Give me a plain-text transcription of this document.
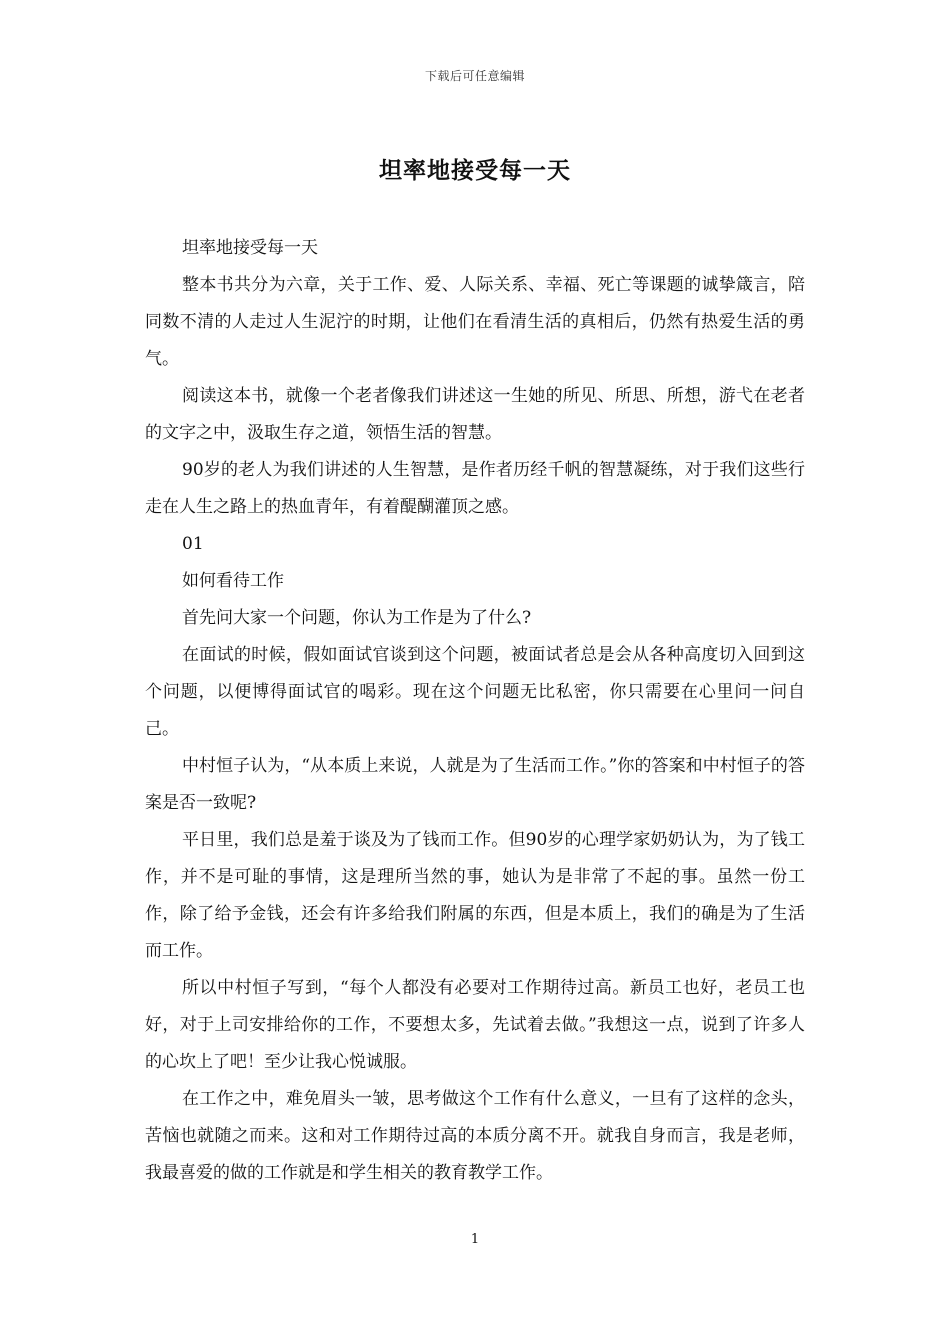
下载后可任意编辑
坦率地接受每一天

坦率地接受每一天

整本书共分为六章，关于工作、爱、人际关系、幸福、死亡等课题的诚挚箴言，陪同数不清的人走过人生泥泞的时期，让他们在看清生活的真相后，仍然有热爱生活的勇气。

阅读这本书，就像一个老者像我们讲述这一生她的所见、所思、所想，游弋在老者的文字之中，汲取生存之道，领悟生活的智慧。

90岁的老人为我们讲述的人生智慧，是作者历经千帆的智慧凝练，对于我们这些行走在人生之路上的热血青年，有着醍醐灌顶之感。

01

如何看待工作

首先问大家一个问题，你认为工作是为了什么?

在面试的时候，假如面试官谈到这个问题，被面试者总是会从各种高度切入回到这个问题，以便博得面试官的喝彩。现在这个问题无比私密，你只需要在心里问一问自己。

中村恒子认为，“从本质上来说，人就是为了生活而工作。”你的答案和中村恒子的答案是否一致呢?

平日里，我们总是羞于谈及为了钱而工作。但90岁的心理学家奶奶认为，为了钱工作，并不是可耻的事情，这是理所当然的事，她认为是非常了不起的事。虽然一份工作，除了给予金钱，还会有许多给我们附属的东西，但是本质上，我们的确是为了生活而工作。

所以中村恒子写到，“每个人都没有必要对工作期待过高。新员工也好，老员工也好，对于上司安排给你的工作，不要想太多，先试着去做。”我想这一点，说到了许多人的心坎上了吧！至少让我心悦诚服。

在工作之中，难免眉头一皱，思考做这个工作有什么意义，一旦有了这样的念头，苦恼也就随之而来。这和对工作期待过高的本质分离不开。就我自身而言，我是老师，我最喜爱的做的工作就是和学生相关的教育教学工作。

1
